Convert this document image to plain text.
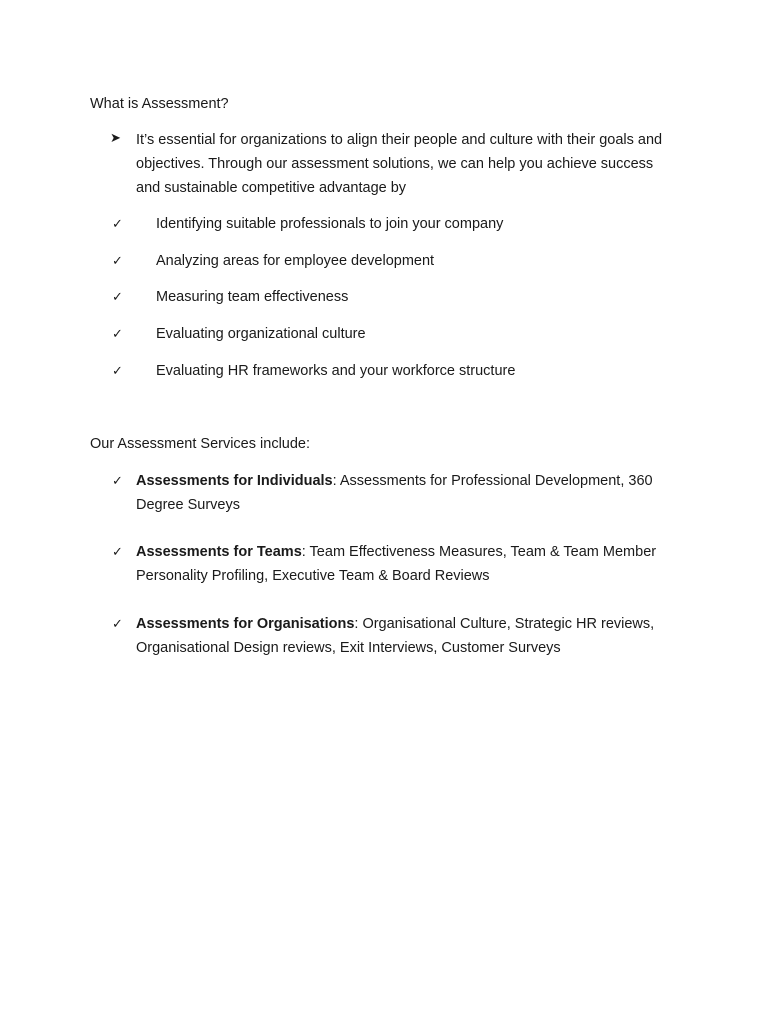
What is Assessment?
➤ It’s essential for organizations to align their people and culture with their goals and objectives. Through our assessment solutions, we can help you achieve success and sustainable competitive advantage by
✓ Identifying suitable professionals to join your company
✓ Analyzing areas for employee development
✓ Measuring team effectiveness
✓ Evaluating organizational culture
✓ Evaluating HR frameworks and your workforce structure
Our Assessment Services include:
✓ Assessments for Individuals: Assessments for Professional Development, 360 Degree Surveys
✓ Assessments for Teams: Team Effectiveness Measures, Team & Team Member Personality Profiling, Executive Team & Board Reviews
✓ Assessments for Organisations: Organisational Culture, Strategic HR reviews, Organisational Design reviews, Exit Interviews, Customer Surveys
